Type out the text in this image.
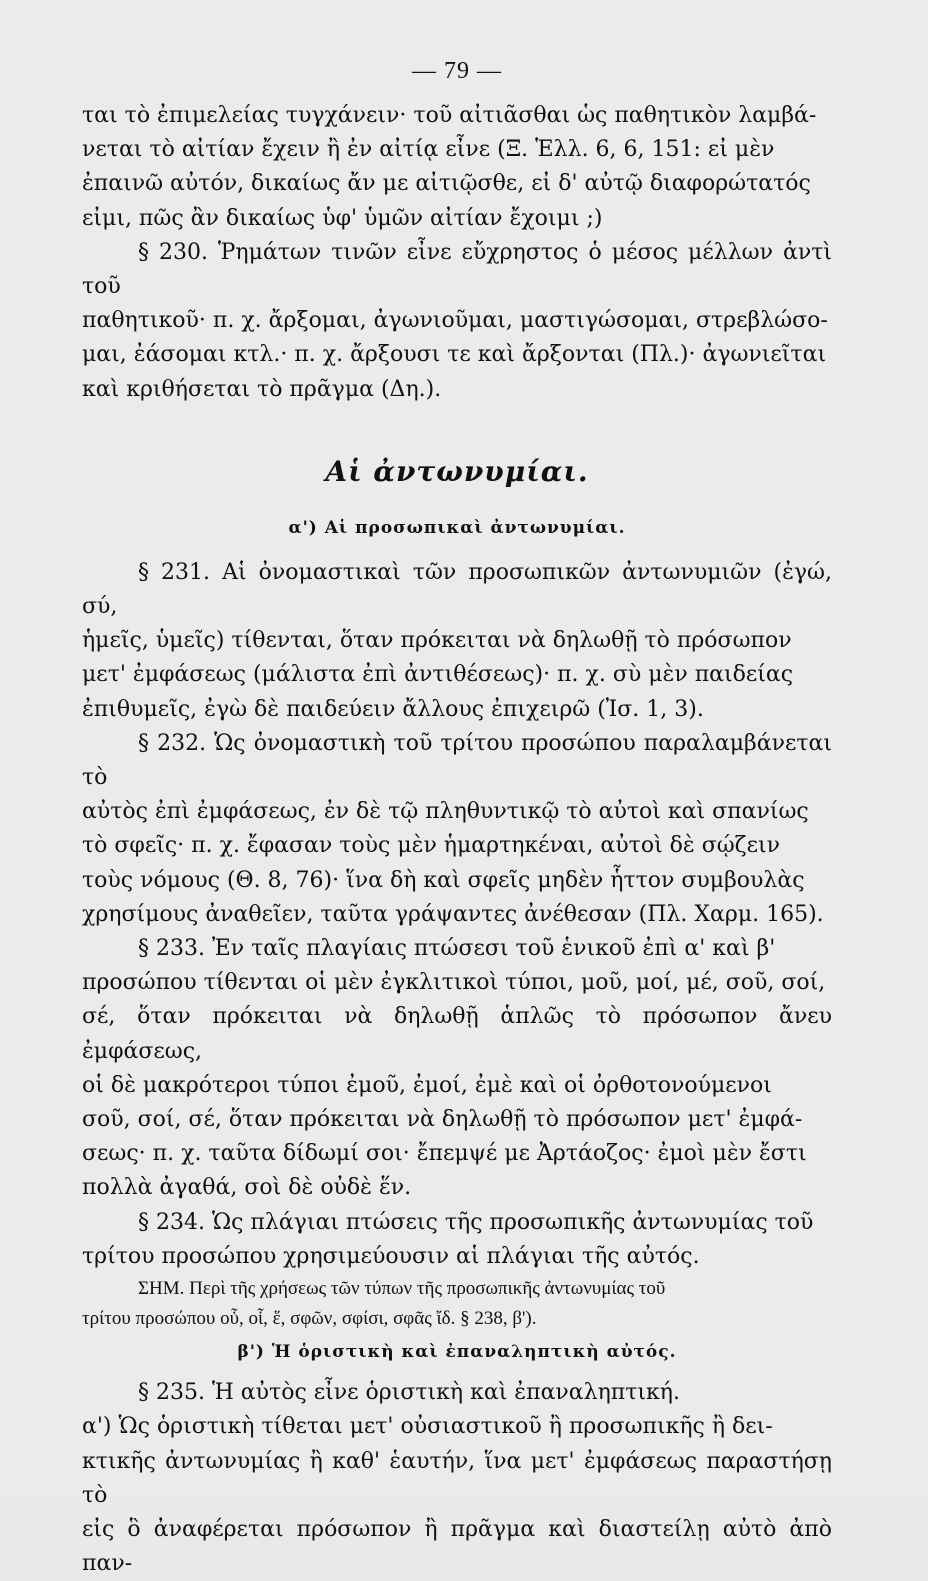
— 79 —

ται τὸ ἐπιμελείας τυγχάνειν· τοῦ αἰτιᾶσθαι ὡς παθητικὸν λαμβά-

νεται τὸ αἰτίαν ἔχειν ἢ ἐν αἰτίᾳ εἶνε (Ξ. Ἑλλ. 6, 6, 151: εἰ μὲν

ἐπαινῶ αὐτόν, δικαίως ἄν με αἰτιῷσθε, εἰ δ' αὐτῷ διαφορώτατός

εἰμι, πῶς ἂν δικαίως ὑφ' ὑμῶν αἰτίαν ἔχοιμι ;)

§ 230. Ῥημάτων τινῶν εἶνε εὔχρηστος ὁ μέσος μέλλων ἀντὶ τοῦ

παθητικοῦ· π. χ. ἄρξομαι, ἀγωνιοῦμαι, μαστιγώσομαι, στρεβλώσο-

μαι, ἐάσομαι κτλ.· π. χ. ἄρξουσι τε καὶ ἄρξονται (Πλ.)· ἀγωνιεῖται

καὶ κριθήσεται τὸ πρᾶγμα (Δη.).

Αἱ ἀντωνυμίαι.
α') Αἱ προσωπικαὶ ἀντωνυμίαι.

§ 231. Αἱ ὀνομαστικαὶ τῶν προσωπικῶν ἀντωνυμιῶν (ἐγώ, σύ,

ἡμεῖς, ὑμεῖς) τίθενται, ὅταν πρόκειται νὰ δηλωθῇ τὸ πρόσωπον

μετ' ἐμφάσεως (μάλιστα ἐπὶ ἀντιθέσεως)· π. χ. σὺ μὲν παιδείας

ἐπιθυμεῖς, ἐγὼ δὲ παιδεύειν ἄλλους ἐπιχειρῶ (Ἰσ. 1, 3).

§ 232. Ὡς ὀνομαστικὴ τοῦ τρίτου προσώπου παραλαμβάνεται τὸ

αὐτὸς ἐπὶ ἐμφάσεως, ἐν δὲ τῷ πληθυντικῷ τὸ αὐτοὶ καὶ σπανίως

τὸ σφεῖς· π. χ. ἔφασαν τοὺς μὲν ἡμαρτηκέναι, αὐτοὶ δὲ σῴζειν

τοὺς νόμους (Θ. 8, 76)· ἵνα δὴ καὶ σφεῖς μηδὲν ἧττον συμβουλὰς

χρησίμους ἀναθεῖεν, ταῦτα γράψαντες ἀνέθεσαν (Πλ. Χαρμ. 165).

§ 233. Ἐν ταῖς πλαγίαις πτώσεσι τοῦ ἑνικοῦ ἐπὶ α' καὶ β'

προσώπου τίθενται οἱ μὲν ἐγκλιτικοὶ τύποι, μοῦ, μοί, μέ, σοῦ, σοί,

σέ, ὅταν πρόκειται νὰ δηλωθῇ ἁπλῶς τὸ πρόσωπον ἄνευ ἐμφάσεως,

οἱ δὲ μακρότεροι τύποι ἐμοῦ, ἐμοί, ἐμὲ καὶ οἱ ὀρθοτονούμενοι

σοῦ, σοί, σέ, ὅταν πρόκειται νὰ δηλωθῇ τὸ πρόσωπον μετ' ἐμφά-

σεως· π. χ. ταῦτα δίδωμί σοι· ἔπεμψέ με Ἀρτάοζος· ἐμοὶ μὲν ἔστι

πολλὰ ἀγαθά, σοὶ δὲ οὐδὲ ἕν.

§ 234. Ὡς πλάγιαι πτώσεις τῆς προσωπικῆς ἀντωνυμίας τοῦ

τρίτου προσώπου χρησιμεύουσιν αἱ πλάγιαι τῆς αὐτός.

ΣΗΜ. Περὶ τῆς χρήσεως τῶν τύπων τῆς προσωπικῆς ἀντωνυμίας τοῦ

τρίτου προσώπου οὗ, οἷ, ἕ, σφῶν, σφίσι, σφᾶς ἴδ. § 238, β').

β') Ἡ ὁριστικὴ καὶ ἐπαναληπτικὴ αὐτός.

§ 235. Ἡ αὐτὸς εἶνε ὁριστικὴ καὶ ἐπαναληπτική.

α') Ὡς ὁριστικὴ τίθεται μετ' οὐσιαστικοῦ ἢ προσωπικῆς ἢ δει-

κτικῆς ἀντωνυμίας ἢ καθ' ἑαυτήν, ἵνα μετ' ἐμφάσεως παραστήσῃ τὸ

εἰς ὃ ἀναφέρεται πρόσωπον ἢ πρᾶγμα καὶ διαστείλῃ αὐτὸ ἀπὸ παν-
